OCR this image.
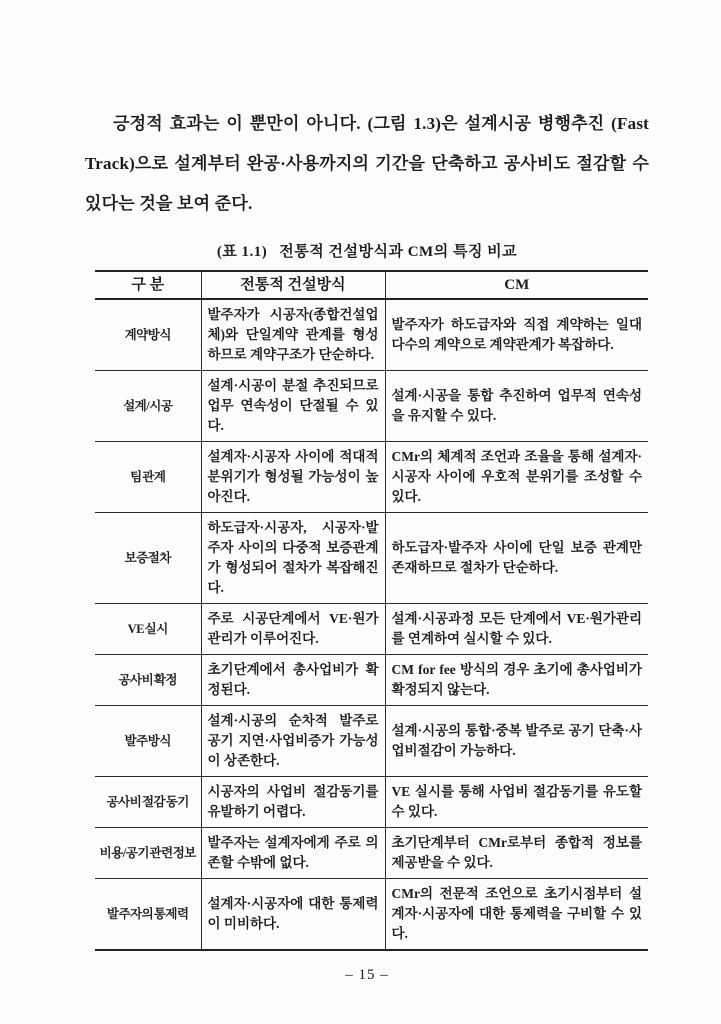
긍정적 효과는 이 뿐만이 아니다. (그림 1.3)은 설계시공 병행추진 (Fast Track)으로 설계부터 완공·사용까지의 기간을 단축하고 공사비도 절감할 수 있다는 것을 보여 준다.

(표 1.1) 전통적 건설방식과 CM의 특징 비교
구 분	전통적 건설방식	CM
계약방식	발주자가 시공자(종합건설업체)와 단일계약 관계를 형성하므로 계약구조가 단순하다.	발주자가 하도급자와 직접 계약하는 일대 다수의 계약으로 계약관계가 복잡하다.
설계/시공	설계·시공이 분절 추진되므로 업무 연속성이 단절될 수 있다.	설계·시공을 통합 추진하여 업무적 연속성을 유지할 수 있다.
팀 관계	설계자·시공자 사이에 적대적 분위기가 형성될 가능성이 높아진다.	CMr의 체계적 조언과 조율을 통해 설계자·시공자 사이에 우호적 분위기를 조성할 수 있다.
보증절차	하도급자·시공자, 시공자·발주자 사이의 다중적 보증관계가 형성되어 절차가 복잡해진다.	하도급자·발주자 사이에 단일 보증 관계만 존재하므로 절차가 단순하다.
VE 실시	주로 시공단계에서 VE·원가관리가 이루어진다.	설계·시공과정 모든 단계에서 VE·원가관리를 연계하여 실시할 수 있다.
공사비 확정	초기단계에서 총사업비가 확정된다.	CM for fee 방식의 경우 초기에 총사업비가 확정되지 않는다.
발주방식	설계·시공의 순차적 발주로 공기 지연·사업비증가 가능성이 상존한다.	설계·시공의 통합·중복 발주로 공기 단축·사업비절감이 가능하다.
공사비 절감 동기	시공자의 사업비 절감동기를 유발하기 어렵다.	VE 실시를 통해 사업비 절감동기를 유도할 수 있다.
비용/공기 관련정보	발주자는 설계자에게 주로 의존할 수밖에 없다.	초기단계부터 CMr로부터 종합적 정보를 제공받을 수 있다.
발주자의 통제력	설계자·시공자에 대한 통제력이 미비하다.	CMr의 전문적 조언으로 초기시점부터 설계자·시공자에 대한 통제력을 구비할 수 있다.
– 15 –
